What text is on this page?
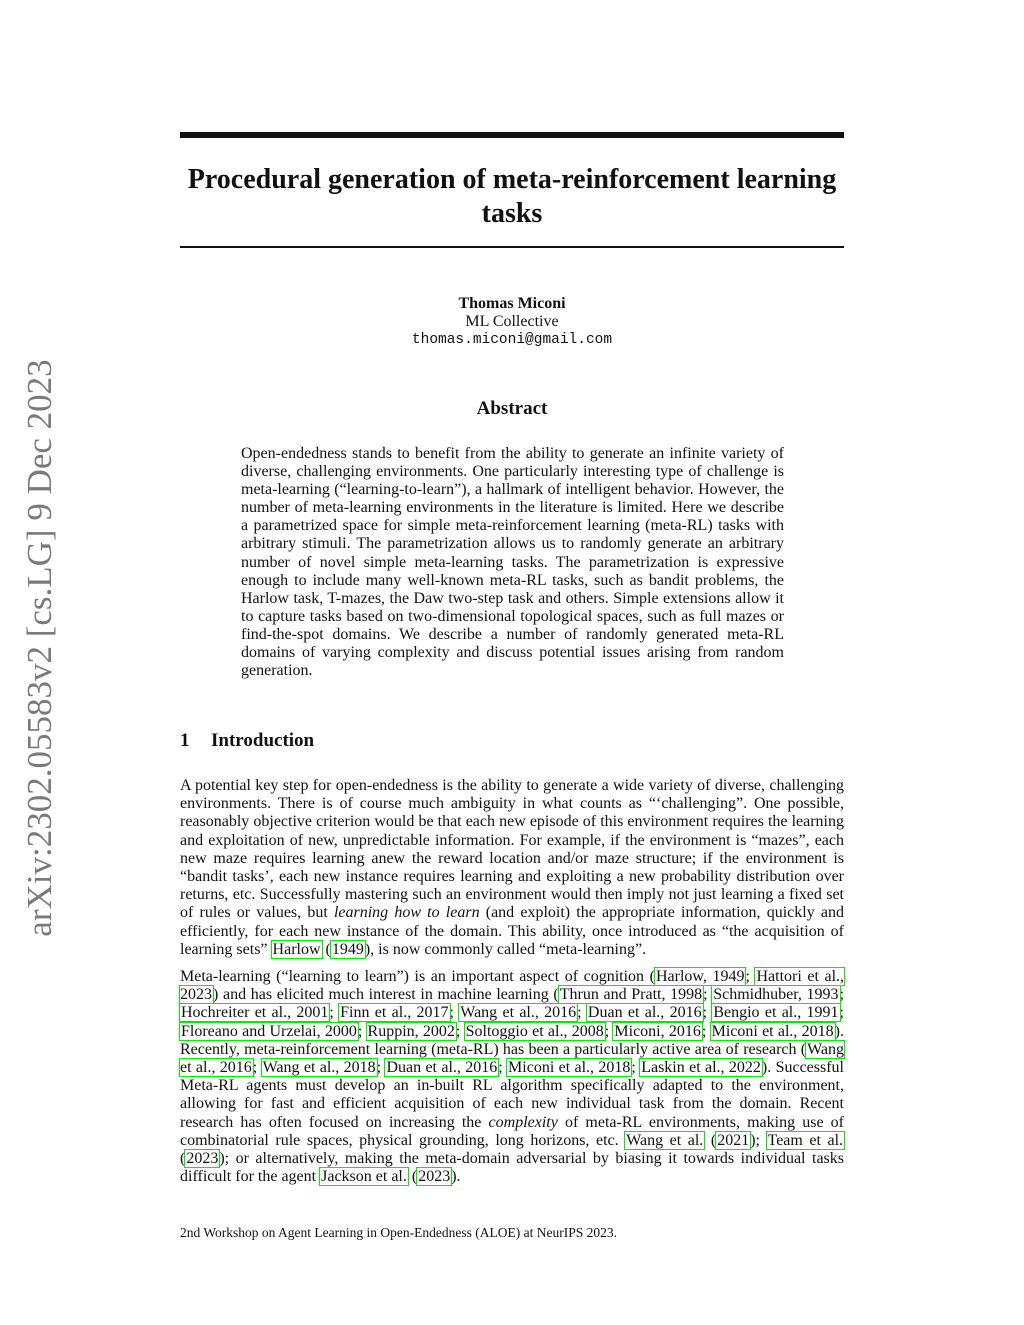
arXiv:2302.05583v2 [cs.LG] 9 Dec 2023
Procedural generation of meta-reinforcement learning tasks
Thomas Miconi
ML Collective
thomas.miconi@gmail.com
Abstract

Open-endedness stands to benefit from the ability to generate an infinite variety of diverse, challenging environments. One particularly interesting type of challenge is meta-learning (“learning-to-learn”), a hallmark of intelligent behavior. However, the number of meta-learning environments in the literature is limited. Here we describe a parametrized space for simple meta-reinforcement learning (meta-RL) tasks with arbitrary stimuli. The parametrization allows us to randomly generate an arbitrary number of novel simple meta-learning tasks. The parametrization is expressive enough to include many well-known meta-RL tasks, such as bandit problems, the Harlow task, T-mazes, the Daw two-step task and others. Simple extensions allow it to capture tasks based on two-dimensional topological spaces, such as full mazes or find-the-spot domains. We describe a number of randomly generated meta-RL domains of varying complexity and discuss potential issues arising from random generation.

1 Introduction

A potential key step for open-endedness is the ability to generate a wide variety of diverse, challenging environments. There is of course much ambiguity in what counts as “‘challenging”. One possible, reasonably objective criterion would be that each new episode of this environment requires the learning and exploitation of new, unpredictable information. For example, if the environment is “mazes”, each new maze requires learning anew the reward location and/or maze structure; if the environment is “bandit tasks’, each new instance requires learning and exploiting a new probability distribution over returns, etc. Successfully mastering such an environment would then imply not just learning a fixed set of rules or values, but learning how to learn (and exploit) the appropriate information, quickly and efficiently, for each new instance of the domain. This ability, once introduced as “the acquisition of learning sets” Harlow (1949), is now commonly called “meta-learning”.

Meta-learning (“learning to learn”) is an important aspect of cognition (Harlow, 1949; Hattori et al., 2023) and has elicited much interest in machine learning (Thrun and Pratt, 1998; Schmidhuber, 1993; Hochreiter et al., 2001; Finn et al., 2017; Wang et al., 2016; Duan et al., 2016; Bengio et al., 1991; Floreano and Urzelai, 2000; Ruppin, 2002; Soltoggio et al., 2008; Miconi, 2016; Miconi et al., 2018). Recently, meta-reinforcement learning (meta-RL) has been a particularly active area of research (Wang et al., 2016; Wang et al., 2018; Duan et al., 2016; Miconi et al., 2018; Laskin et al., 2022). Successful Meta-RL agents must develop an in-built RL algorithm specifically adapted to the environment, allowing for fast and efficient acquisition of each new individual task from the domain. Recent research has often focused on increasing the complexity of meta-RL environments, making use of combinatorial rule spaces, physical grounding, long horizons, etc. Wang et al. (2021); Team et al. (2023); or alternatively, making the meta-domain adversarial by biasing it towards individual tasks difficult for the agent Jackson et al. (2023).

2nd Workshop on Agent Learning in Open-Endedness (ALOE) at NeurIPS 2023.
